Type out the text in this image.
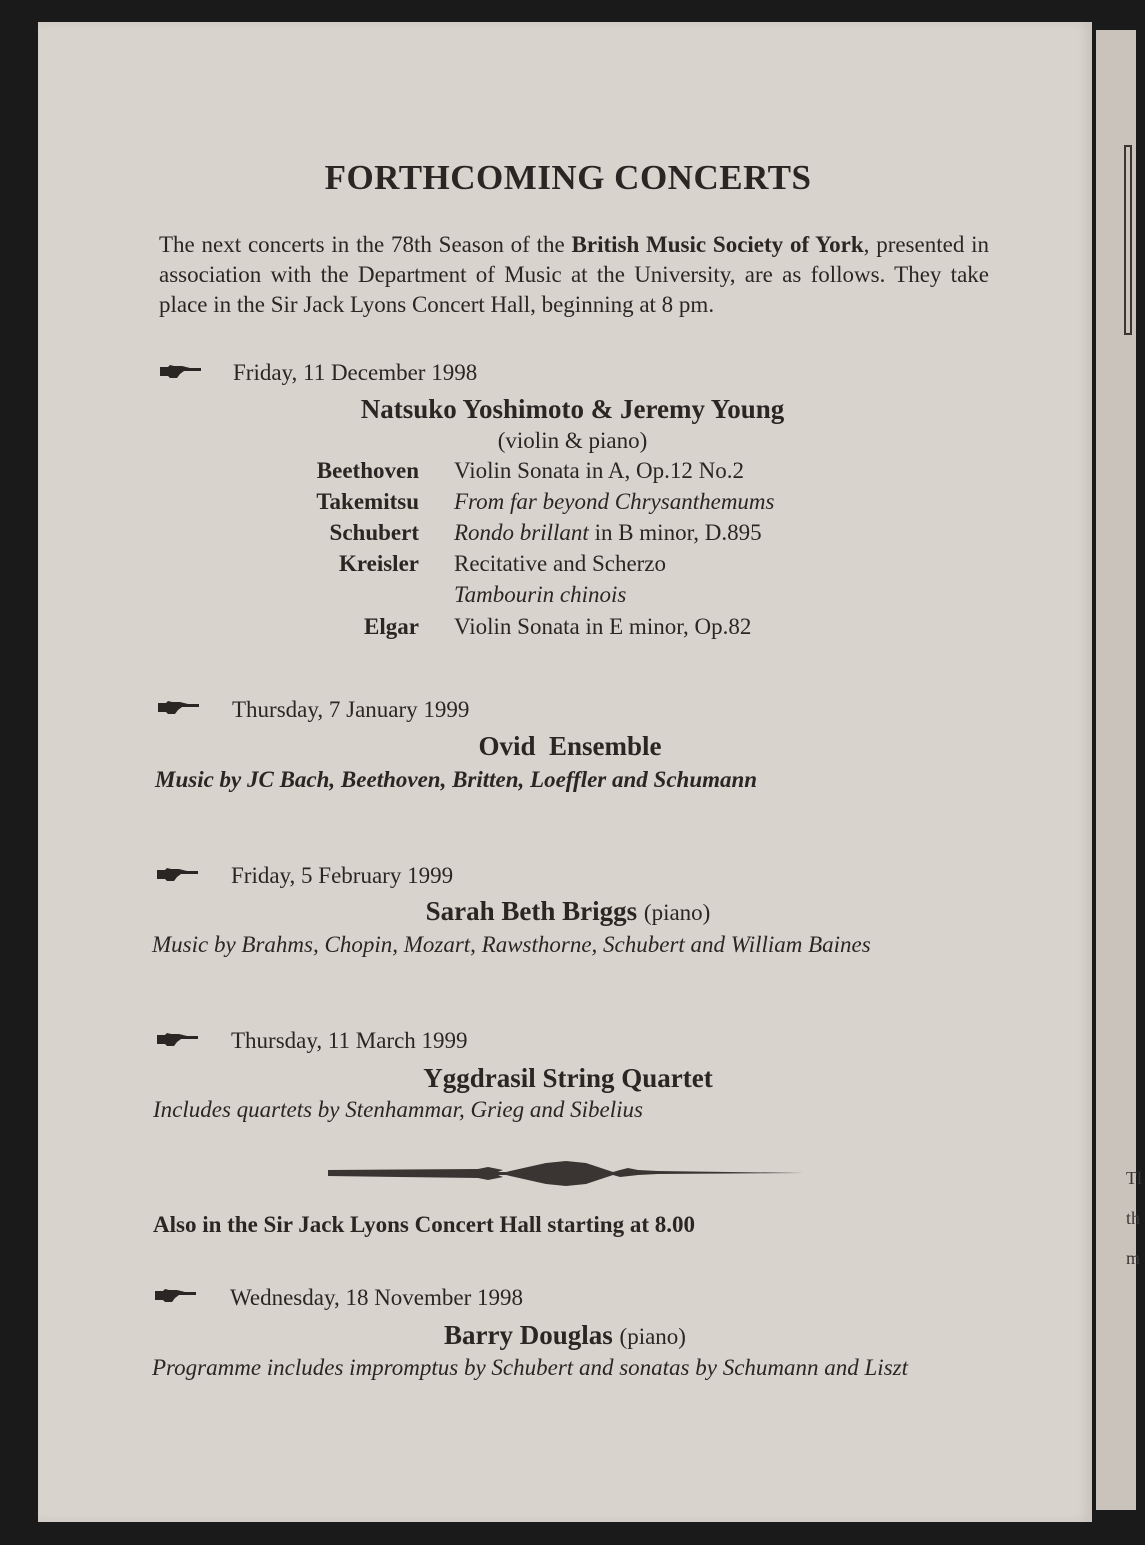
Tl
th
m
FORTHCOMING CONCERTS
The next concerts in the 78th Season of the British Music Society of York, presented in association with the Department of Music at the University, are as follows. They take place in the Sir Jack Lyons Concert Hall, beginning at 8 pm.
Friday, 11 December 1998
Natsuko Yoshimoto & Jeremy Young
(violin & piano)
Beethoven Violin Sonata in A, Op.12 No.2
Takemitsu From far beyond Chrysanthemums
Schubert Rondo brillant in B minor, D.895
Kreisler Recitative and Scherzo
Tambourin chinois
Elgar Violin Sonata in E minor, Op.82
Thursday, 7 January 1999
Ovid  Ensemble
Music by JC Bach, Beethoven, Britten, Loeffler and Schumann
Friday, 5 February 1999
Sarah Beth Briggs (piano)
Music by Brahms, Chopin, Mozart, Rawsthorne, Schubert and William Baines
Thursday, 11 March 1999
Yggdrasil String Quartet
Includes quartets by Stenhammar, Grieg and Sibelius
Also in the Sir Jack Lyons Concert Hall starting at 8.00
Wednesday, 18 November 1998
Barry Douglas (piano)
Programme includes impromptus by Schubert and sonatas by Schumann and Liszt
